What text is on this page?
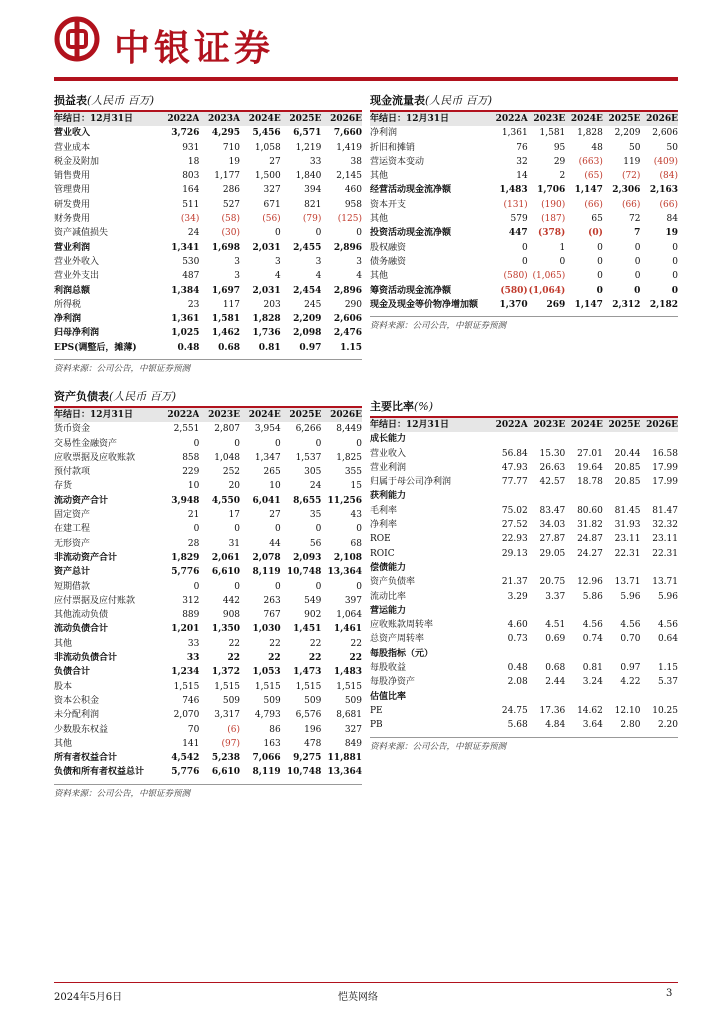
中银证券
损益表(人民币 百万)
年结日：12月31日	2022A	2023A	2024E	2025E	2026E
营业收入	3,726	4,295	5,456	6,571	7,660
营业成本	931	710	1,058	1,219	1,419
税金及附加	18	19	27	33	38
销售费用	803	1,177	1,500	1,840	2,145
管理费用	164	286	327	394	460
研发费用	511	527	671	821	958
财务费用	(34)	(58)	(56)	(79)	(125)
资产减值损失	24	(30)	0	0	0
营业利润	1,341	1,698	2,031	2,455	2,896
营业外收入	530	3	3	3	3
营业外支出	487	3	4	4	4
利润总额	1,384	1,697	2,031	2,454	2,896
所得税	23	117	203	245	290
净利润	1,361	1,581	1,828	2,209	2,606
归母净利润	1,025	1,462	1,736	2,098	2,476
EPS(调整后，摊薄)	0.48	0.68	0.81	0.97	1.15
资料来源：公司公告，中银证券预测
现金流量表(人民币 百万)
年结日：12月31日	2022A	2023E	2024E	2025E	2026E
净利润	1,361	1,581	1,828	2,209	2,606
折旧和摊销	76	95	48	50	50
营运资本变动	32	29	(663)	119	(409)
其他	14	2	(65)	(72)	(84)
经营活动现金流净额	1,483	1,706	1,147	2,306	2,163
资本开支	(131)	(190)	(66)	(66)	(66)
其他	579	(187)	65	72	84
投资活动现金流净额	447	(378)	(0)	7	19
股权融资	0	1	0	0	0
债务融资	0	0	0	0	0
其他	(580)	(1,065)	0	0	0
筹资活动现金流净额	(580)	(1,064)	0	0	0
现金及现金等价物净增加额	1,370	269	1,147	2,312	2,182
资料来源：公司公告，中银证券预测
资产负债表(人民币 百万)
年结日：12月31日	2022A	2023E	2024E	2025E	2026E
货币资金	2,551	2,807	3,954	6,266	8,449
交易性金融资产	0	0	0	0	0
应收票据及应收账款	858	1,048	1,347	1,537	1,825
预付款项	229	252	265	305	355
存货	10	20	10	24	15
流动资产合计	3,948	4,550	6,041	8,655	11,256
固定资产	21	17	27	35	43
在建工程	0	0	0	0	0
无形资产	28	31	44	56	68
非流动资产合计	1,829	2,061	2,078	2,093	2,108
资产总计	5,776	6,610	8,119	10,748	13,364
短期借款	0	0	0	0	0
应付票据及应付账款	312	442	263	549	397
其他流动负债	889	908	767	902	1,064
流动负债合计	1,201	1,350	1,030	1,451	1,461
其他	33	22	22	22	22
非流动负债合计	33	22	22	22	22
负债合计	1,234	1,372	1,053	1,473	1,483
股本	1,515	1,515	1,515	1,515	1,515
资本公积金	746	509	509	509	509
未分配利润	2,070	3,317	4,793	6,576	8,681
少数股东权益	70	(6)	86	196	327
其他	141	(97)	163	478	849
所有者权益合计	4,542	5,238	7,066	9,275	11,881
负债和所有者权益总计	5,776	6,610	8,119	10,748	13,364
资料来源：公司公告，中银证券预测
主要比率(%)
年结日：12月31日	2022A	2023E	2024E	2025E	2026E
成长能力					
营业收入	56.84	15.30	27.01	20.44	16.58
营业利润	47.93	26.63	19.64	20.85	17.99
归属于母公司净利润	77.77	42.57	18.78	20.85	17.99
获利能力					
毛利率	75.02	83.47	80.60	81.45	81.47
净利率	27.52	34.03	31.82	31.93	32.32
ROE	22.93	27.87	24.87	23.11	23.11
ROIC	29.13	29.05	24.27	22.31	22.31
偿债能力					
资产负债率	21.37	20.75	12.96	13.71	13.71
流动比率	3.29	3.37	5.86	5.96	5.96
营运能力					
应收账款周转率	4.60	4.51	4.56	4.56	4.56
总资产周转率	0.73	0.69	0.74	0.70	0.64
每股指标（元）					
每股收益	0.48	0.68	0.81	0.97	1.15
每股净资产	2.08	2.44	3.24	4.22	5.37
估值比率					
PE	24.75	17.36	14.62	12.10	10.25
PB	5.68	4.84	3.64	2.80	2.20
资料来源：公司公告，中银证券预测
2024年5月6日	恺英网络	3
